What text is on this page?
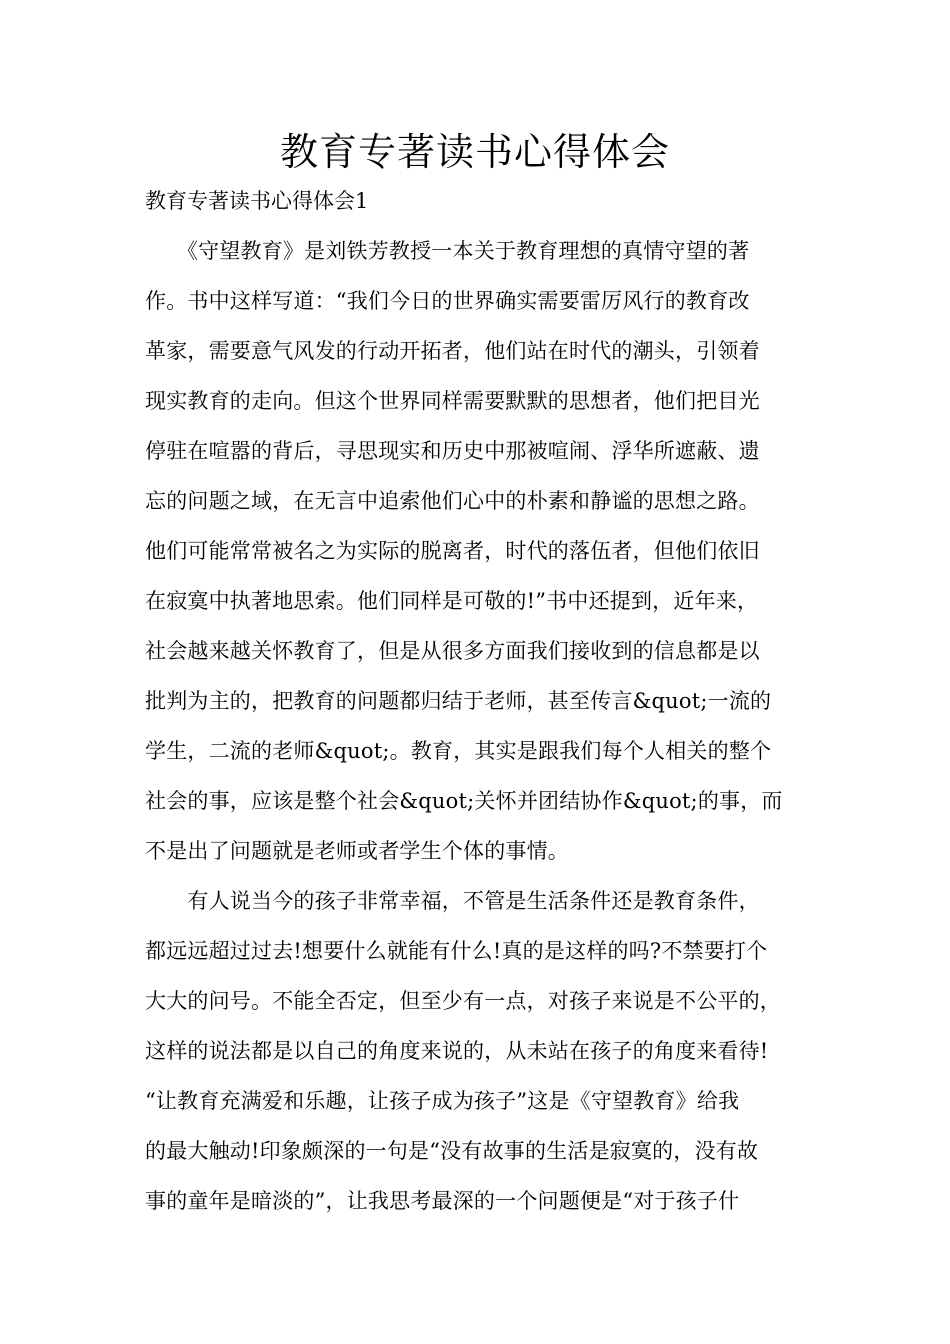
教育专著读书心得体会

教育专著读书心得体会1

　　《守望教育》是刘铁芳教授一本关于教育理想的真情守望的著

作。书中这样写道：“我们今日的世界确实需要雷厉风行的教育改

革家，需要意气风发的行动开拓者，他们站在时代的潮头，引领着

现实教育的走向。但这个世界同样需要默默的思想者，他们把目光

停驻在喧嚣的背后，寻思现实和历史中那被喧闹、浮华所遮蔽、遗

忘的问题之域，在无言中追索他们心中的朴素和静谧的思想之路。

他们可能常常被名之为实际的脱离者，时代的落伍者，但他们依旧

在寂寞中执著地思索。他们同样是可敬的!”书中还提到，近年来，

社会越来越关怀教育了，但是从很多方面我们接收到的信息都是以

批判为主的，把教育的问题都归结于老师，甚至传言&quot;一流的

学生，二流的老师&quot;。教育，其实是跟我们每个人相关的整个

社会的事，应该是整个社会&quot;关怀并团结协作&quot;的事，而

不是出了问题就是老师或者学生个体的事情。

　　有人说当今的孩子非常幸福，不管是生活条件还是教育条件，

都远远超过过去!想要什么就能有什么!真的是这样的吗?不禁要打个

大大的问号。不能全否定，但至少有一点，对孩子来说是不公平的，

这样的说法都是以自己的角度来说的，从未站在孩子的角度来看待!

“让教育充满爱和乐趣，让孩子成为孩子”这是《守望教育》给我

的最大触动!印象颇深的一句是“没有故事的生活是寂寞的，没有故

事的童年是暗淡的”，让我思考最深的一个问题便是“对于孩子什
